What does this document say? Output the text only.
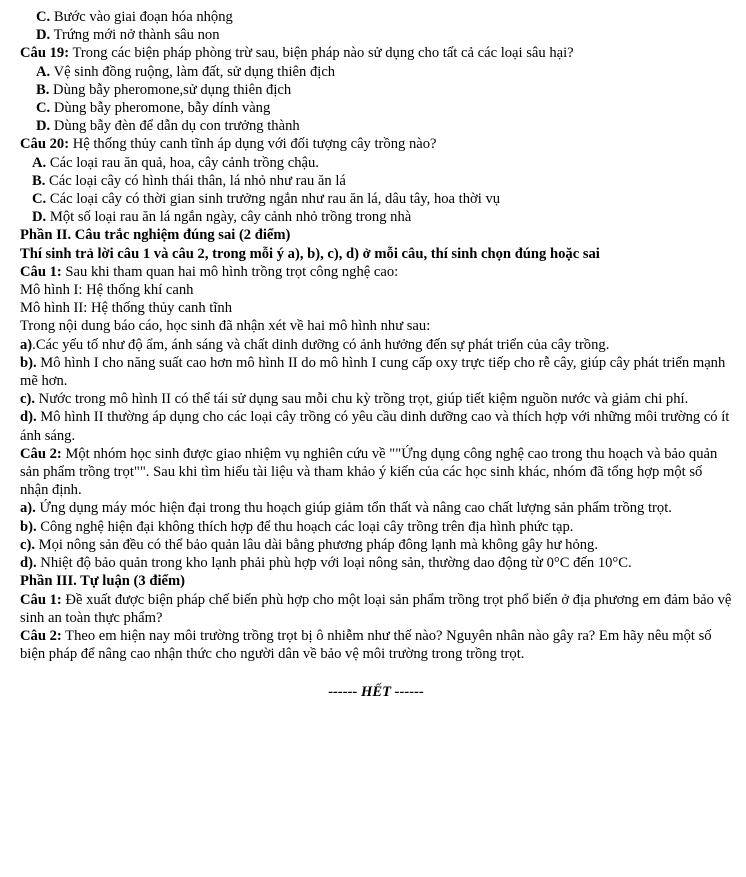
C. Bước vào giai đoạn hóa nhộng
D. Trứng mới nở thành sâu non
Câu 19: Trong các biện pháp phòng trừ sau, biện pháp nào sử dụng cho tất cả các loại sâu hại?
A. Vệ sinh đồng ruộng, làm đất, sử dụng thiên địch
B. Dùng bẫy pheromone,sử dụng thiên địch
C. Dùng bẫy pheromone, bẫy dính vàng
D. Dùng bẫy đèn để dẫn dụ con trưởng thành
Câu 20: Hệ thống thủy canh tĩnh áp dụng với đối tượng cây trồng nào?
A. Các loại rau ăn quả, hoa, cây cảnh trồng chậu.
B. Các loại cây có hình thái thân, lá nhỏ như rau ăn lá
C. Các loại cây có thời gian sinh trưởng ngắn như rau ăn lá, dâu tây, hoa thời vụ
D. Một số loại rau ăn lá ngắn ngày, cây cảnh nhỏ trồng trong nhà
Phần II. Câu trắc nghiệm đúng sai (2 điểm)
Thí sinh trả lời câu 1 và câu 2, trong mỗi ý a), b), c), d) ở mỗi câu, thí sinh chọn đúng hoặc sai
Câu 1: Sau khi tham quan hai mô hình trồng trọt công nghệ cao:
Mô hình I: Hệ thống khí canh
Mô hình II: Hệ thống thủy canh tĩnh
Trong nội dung báo cáo, học sinh đã nhận xét về hai mô hình như sau:
a).Các yếu tố như độ ẩm, ánh sáng và chất dinh dưỡng có ảnh hưởng đến sự phát triển của cây trồng.
b). Mô hình I cho năng suất cao hơn mô hình II do mô hình I cung cấp oxy trực tiếp cho rễ cây, giúp cây phát triển mạnh mẽ hơn.
c). Nước trong mô hình II có thể tái sử dụng sau mỗi chu kỳ trồng trọt, giúp tiết kiệm nguồn nước và giảm chi phí.
d). Mô hình II thường áp dụng cho các loại cây trồng có yêu cầu dinh dưỡng cao và thích hợp với những môi trường có ít ánh sáng.
Câu 2: Một nhóm học sinh được giao nhiệm vụ nghiên cứu về ""Ứng dụng công nghệ cao trong thu hoạch và bảo quản sản phẩm trồng trọt"". Sau khi tìm hiểu tài liệu và tham khảo ý kiến của các học sinh khác, nhóm đã tổng hợp một số nhận định.
a). Ứng dụng máy móc hiện đại trong thu hoạch giúp giảm tổn thất và nâng cao chất lượng sản phẩm trồng trọt.
b). Công nghệ hiện đại không thích hợp để thu hoạch các loại cây trồng trên địa hình phức tạp.
c). Mọi nông sản đều có thể bảo quản lâu dài bằng phương pháp đông lạnh mà không gây hư hỏng.
d). Nhiệt độ bảo quản trong kho lạnh phải phù hợp với loại nông sản, thường dao động từ 0°C đến 10°C.
Phần III. Tự luận (3 điểm)
Câu 1: Đề xuất được biện pháp chế biến phù hợp cho một loại sản phẩm trồng trọt phổ biến ở địa phương em đảm bảo vệ sinh an toàn thực phẩm?
Câu 2: Theo em hiện nay môi trường trồng trọt bị ô nhiễm như thế nào? Nguyên nhân nào gây ra? Em hãy nêu một số biện pháp để nâng cao nhận thức cho người dân về bảo vệ môi trường trong trồng trọt.
------ HẾT ------
